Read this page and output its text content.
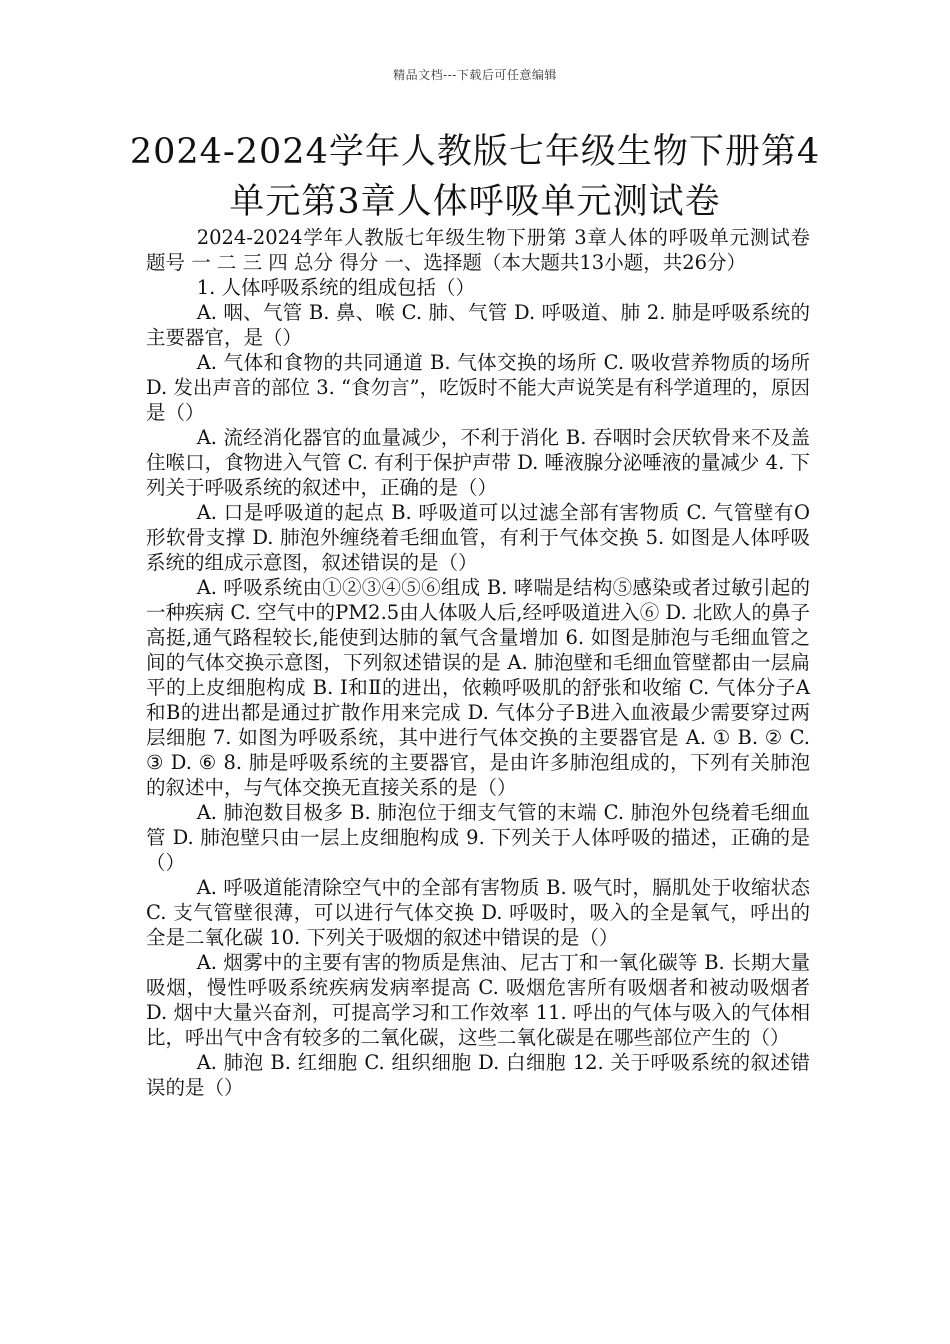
精品文档---下载后可任意编辑
2024-2024学年人教版七年级生物下册第4
单元第3章人体呼吸单元测试卷

2024-2024学年人教版七年级生物下册第 3章人体的呼吸单元测试卷 题号 一 二 三 四 总分 得分 一、选择题（本大题共13小题，共26分）

1. 人体呼吸系统的组成包括（）

A. 咽、气管 B. 鼻、喉 C. 肺、气管 D. 呼吸道、肺 2. 肺是呼吸系统的主要器官，是（）

A. 气体和食物的共同通道 B. 气体交换的场所 C. 吸收营养物质的场所 D. 发出声音的部位 3. “食勿言”，吃饭时不能大声说笑是有科学道理的，原因是（）

A. 流经消化器官的血量减少，不利于消化 B. 吞咽时会厌软骨来不及盖住喉口，食物进入气管 C. 有利于保护声带 D. 唾液腺分泌唾液的量减少 4. 下列关于呼吸系统的叙述中，正确的是（）

A. 口是呼吸道的起点 B. 呼吸道可以过滤全部有害物质 C. 气管壁有O形软骨支撑 D. 肺泡外缠绕着毛细血管，有利于气体交换 5. 如图是人体呼吸系统的组成示意图，叙述错误的是（）

A. 呼吸系统由①②③④⑤⑥组成 B. 哮喘是结构⑤感染或者过敏引起的一种疾病 C. 空气中的PM2.5由人体吸人后,经呼吸道进入⑥ D. 北欧人的鼻子高挺,通气路程较长,能使到达肺的氧气含量增加 6. 如图是肺泡与毛细血管之间的气体交换示意图，下列叙述错误的是 A. 肺泡壁和毛细血管壁都由一层扁平的上皮细胞构成 B. Ⅰ和Ⅱ的进出，依赖呼吸肌的舒张和收缩 C. 气体分子A和B的进出都是通过扩散作用来完成 D. 气体分子B进入血液最少需要穿过两层细胞 7. 如图为呼吸系统，其中进行气体交换的主要器官是 A. ① B. ② C. ③ D. ⑥ 8. 肺是呼吸系统的主要器官，是由许多肺泡组成的，下列有关肺泡的叙述中，与气体交换无直接关系的是（）

A. 肺泡数目极多 B. 肺泡位于细支气管的末端 C. 肺泡外包绕着毛细血管 D. 肺泡壁只由一层上皮细胞构成 9. 下列关于人体呼吸的描述，正确的是（）

A. 呼吸道能清除空气中的全部有害物质 B. 吸气时，膈肌处于收缩状态 C. 支气管壁很薄，可以进行气体交换 D. 呼吸时，吸入的全是氧气，呼出的全是二氧化碳 10. 下列关于吸烟的叙述中错误的是（）

A. 烟雾中的主要有害的物质是焦油、尼古丁和一氧化碳等 B. 长期大量吸烟，慢性呼吸系统疾病发病率提高 C. 吸烟危害所有吸烟者和被动吸烟者 D. 烟中大量兴奋剂，可提高学习和工作效率 11. 呼出的气体与吸入的气体相比，呼出气中含有较多的二氧化碳，这些二氧化碳是在哪些部位产生的（）

A. 肺泡 B. 红细胞 C. 组织细胞 D. 白细胞 12. 关于呼吸系统的叙述错误的是（）
